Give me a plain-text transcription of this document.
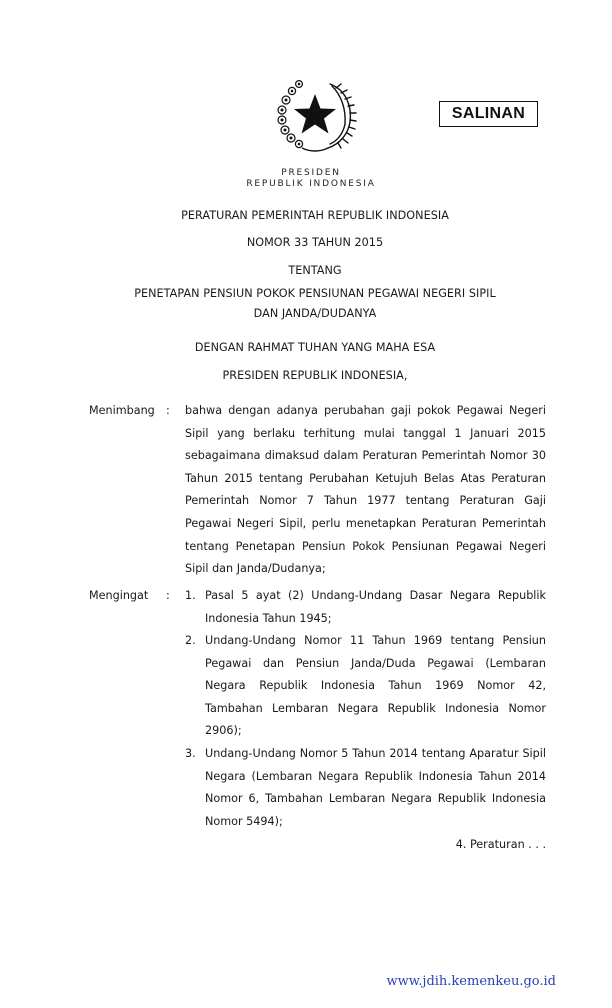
SALINAN
PRESIDEN
REPUBLIK INDONESIA
PERATURAN PEMERINTAH REPUBLIK INDONESIA
NOMOR 33 TAHUN 2015
TENTANG
PENETAPAN PENSIUN POKOK PENSIUNAN PEGAWAI NEGERI SIPIL
DAN JANDA/DUDANYA
DENGAN RAHMAT TUHAN YANG MAHA ESA
PRESIDEN REPUBLIK INDONESIA,
Menimbang : bahwa dengan adanya perubahan gaji pokok Pegawai Negeri Sipil yang berlaku terhitung mulai tanggal 1 Januari 2015 sebagaimana dimaksud dalam Peraturan Pemerintah Nomor 30 Tahun 2015 tentang Perubahan Ketujuh Belas Atas Peraturan Pemerintah Nomor 7 Tahun 1977 tentang Peraturan Gaji Pegawai Negeri Sipil, perlu menetapkan Peraturan Pemerintah tentang Penetapan Pensiun Pokok Pensiunan Pegawai Negeri Sipil dan Janda/Dudanya;

Mengingat : 1. Pasal 5 ayat (2) Undang-Undang Dasar Negara Republik Indonesia Tahun 1945;

2. Undang-Undang Nomor 11 Tahun 1969 tentang Pensiun Pegawai dan Pensiun Janda/Duda Pegawai (Lembaran Negara Republik Indonesia Tahun 1969 Nomor 42, Tambahan Lembaran Negara Republik Indonesia Nomor 2906);

3. Undang-Undang Nomor 5 Tahun 2014 tentang Aparatur Sipil Negara (Lembaran Negara Republik Indonesia Tahun 2014 Nomor 6, Tambahan Lembaran Negara Republik Indonesia Nomor 5494);

4. Peraturan . . .
www.jdih.kemenkeu.go.id
